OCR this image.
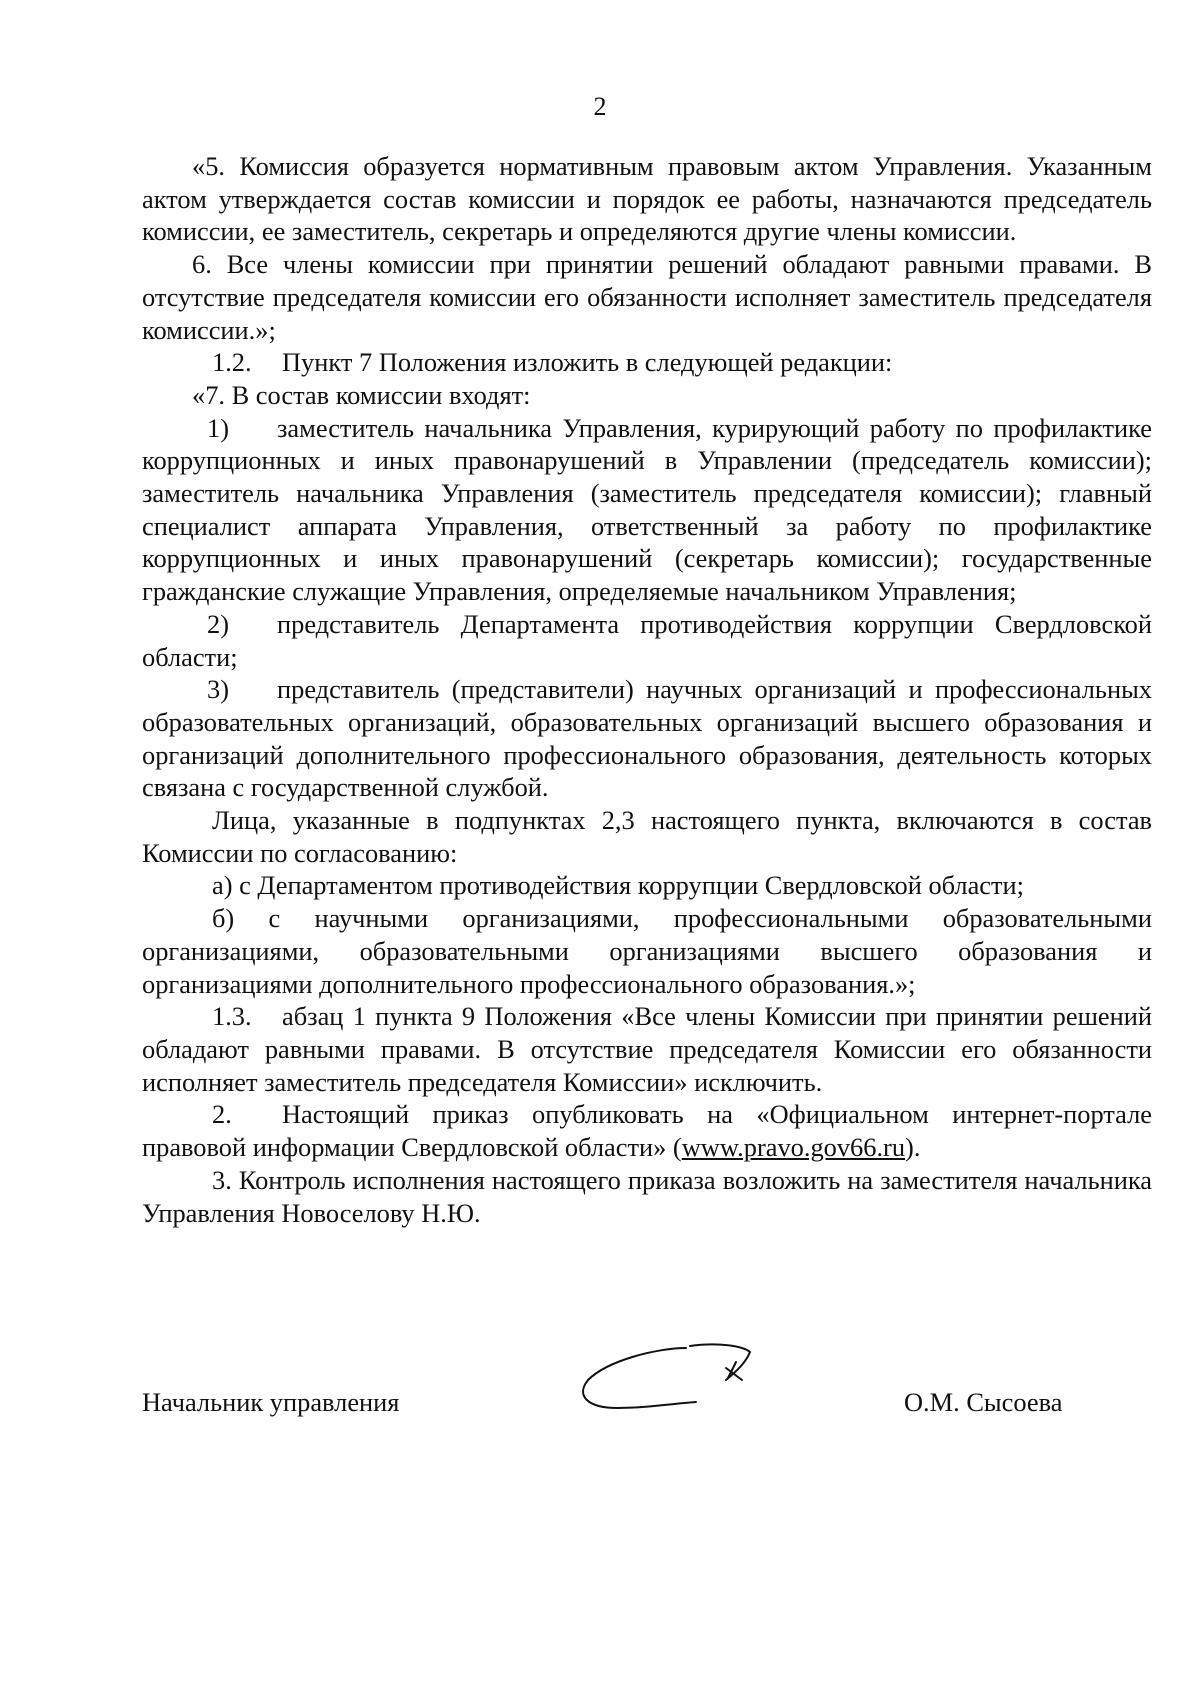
2

«5. Комиссия образуется нормативным правовым актом Управления. Указанным актом утверждается состав комиссии и порядок ее работы, назначаются председатель комиссии, ее заместитель, секретарь и определяются другие члены комиссии.

6. Все члены комиссии при принятии решений обладают равными правами. В отсутствие председателя комиссии его обязанности исполняет заместитель председателя комиссии.»;

1.2. Пункт 7 Положения изложить в следующей редакции:

«7. В состав комиссии входят:

1) заместитель начальника Управления, курирующий работу по профилактике коррупционных и иных правонарушений в Управлении (председатель комиссии); заместитель начальника Управления (заместитель председателя комиссии); главный специалист аппарата Управления, ответственный за работу по профилактике коррупционных и иных правонарушений (секретарь комиссии); государственные гражданские служащие Управления, определяемые начальником Управления;

2) представитель Департамента противодействия коррупции Свердловской области;

3) представитель (представители) научных организаций и профессиональных образовательных организаций, образовательных организаций высшего образования и организаций дополнительного профессионального образования, деятельность которых связана с государственной службой.

Лица, указанные в подпунктах 2,3 настоящего пункта, включаются в состав Комиссии по согласованию:

а) с Департаментом противодействия коррупции Свердловской области;

б) с научными организациями, профессиональными образовательными организациями, образовательными организациями высшего образования и организациями дополнительного профессионального образования.»;

1.3. абзац 1 пункта 9 Положения «Все члены Комиссии при принятии решений обладают равными правами. В отсутствие председателя Комиссии его обязанности исполняет заместитель председателя Комиссии» исключить.

2. Настоящий приказ опубликовать на «Официальном интернет-портале правовой информации Свердловской области» (www.pravo.gov66.ru).

3. Контроль исполнения настоящего приказа возложить на заместителя начальника Управления Новоселову Н.Ю.

Начальник управления	О.М. Сысоева
